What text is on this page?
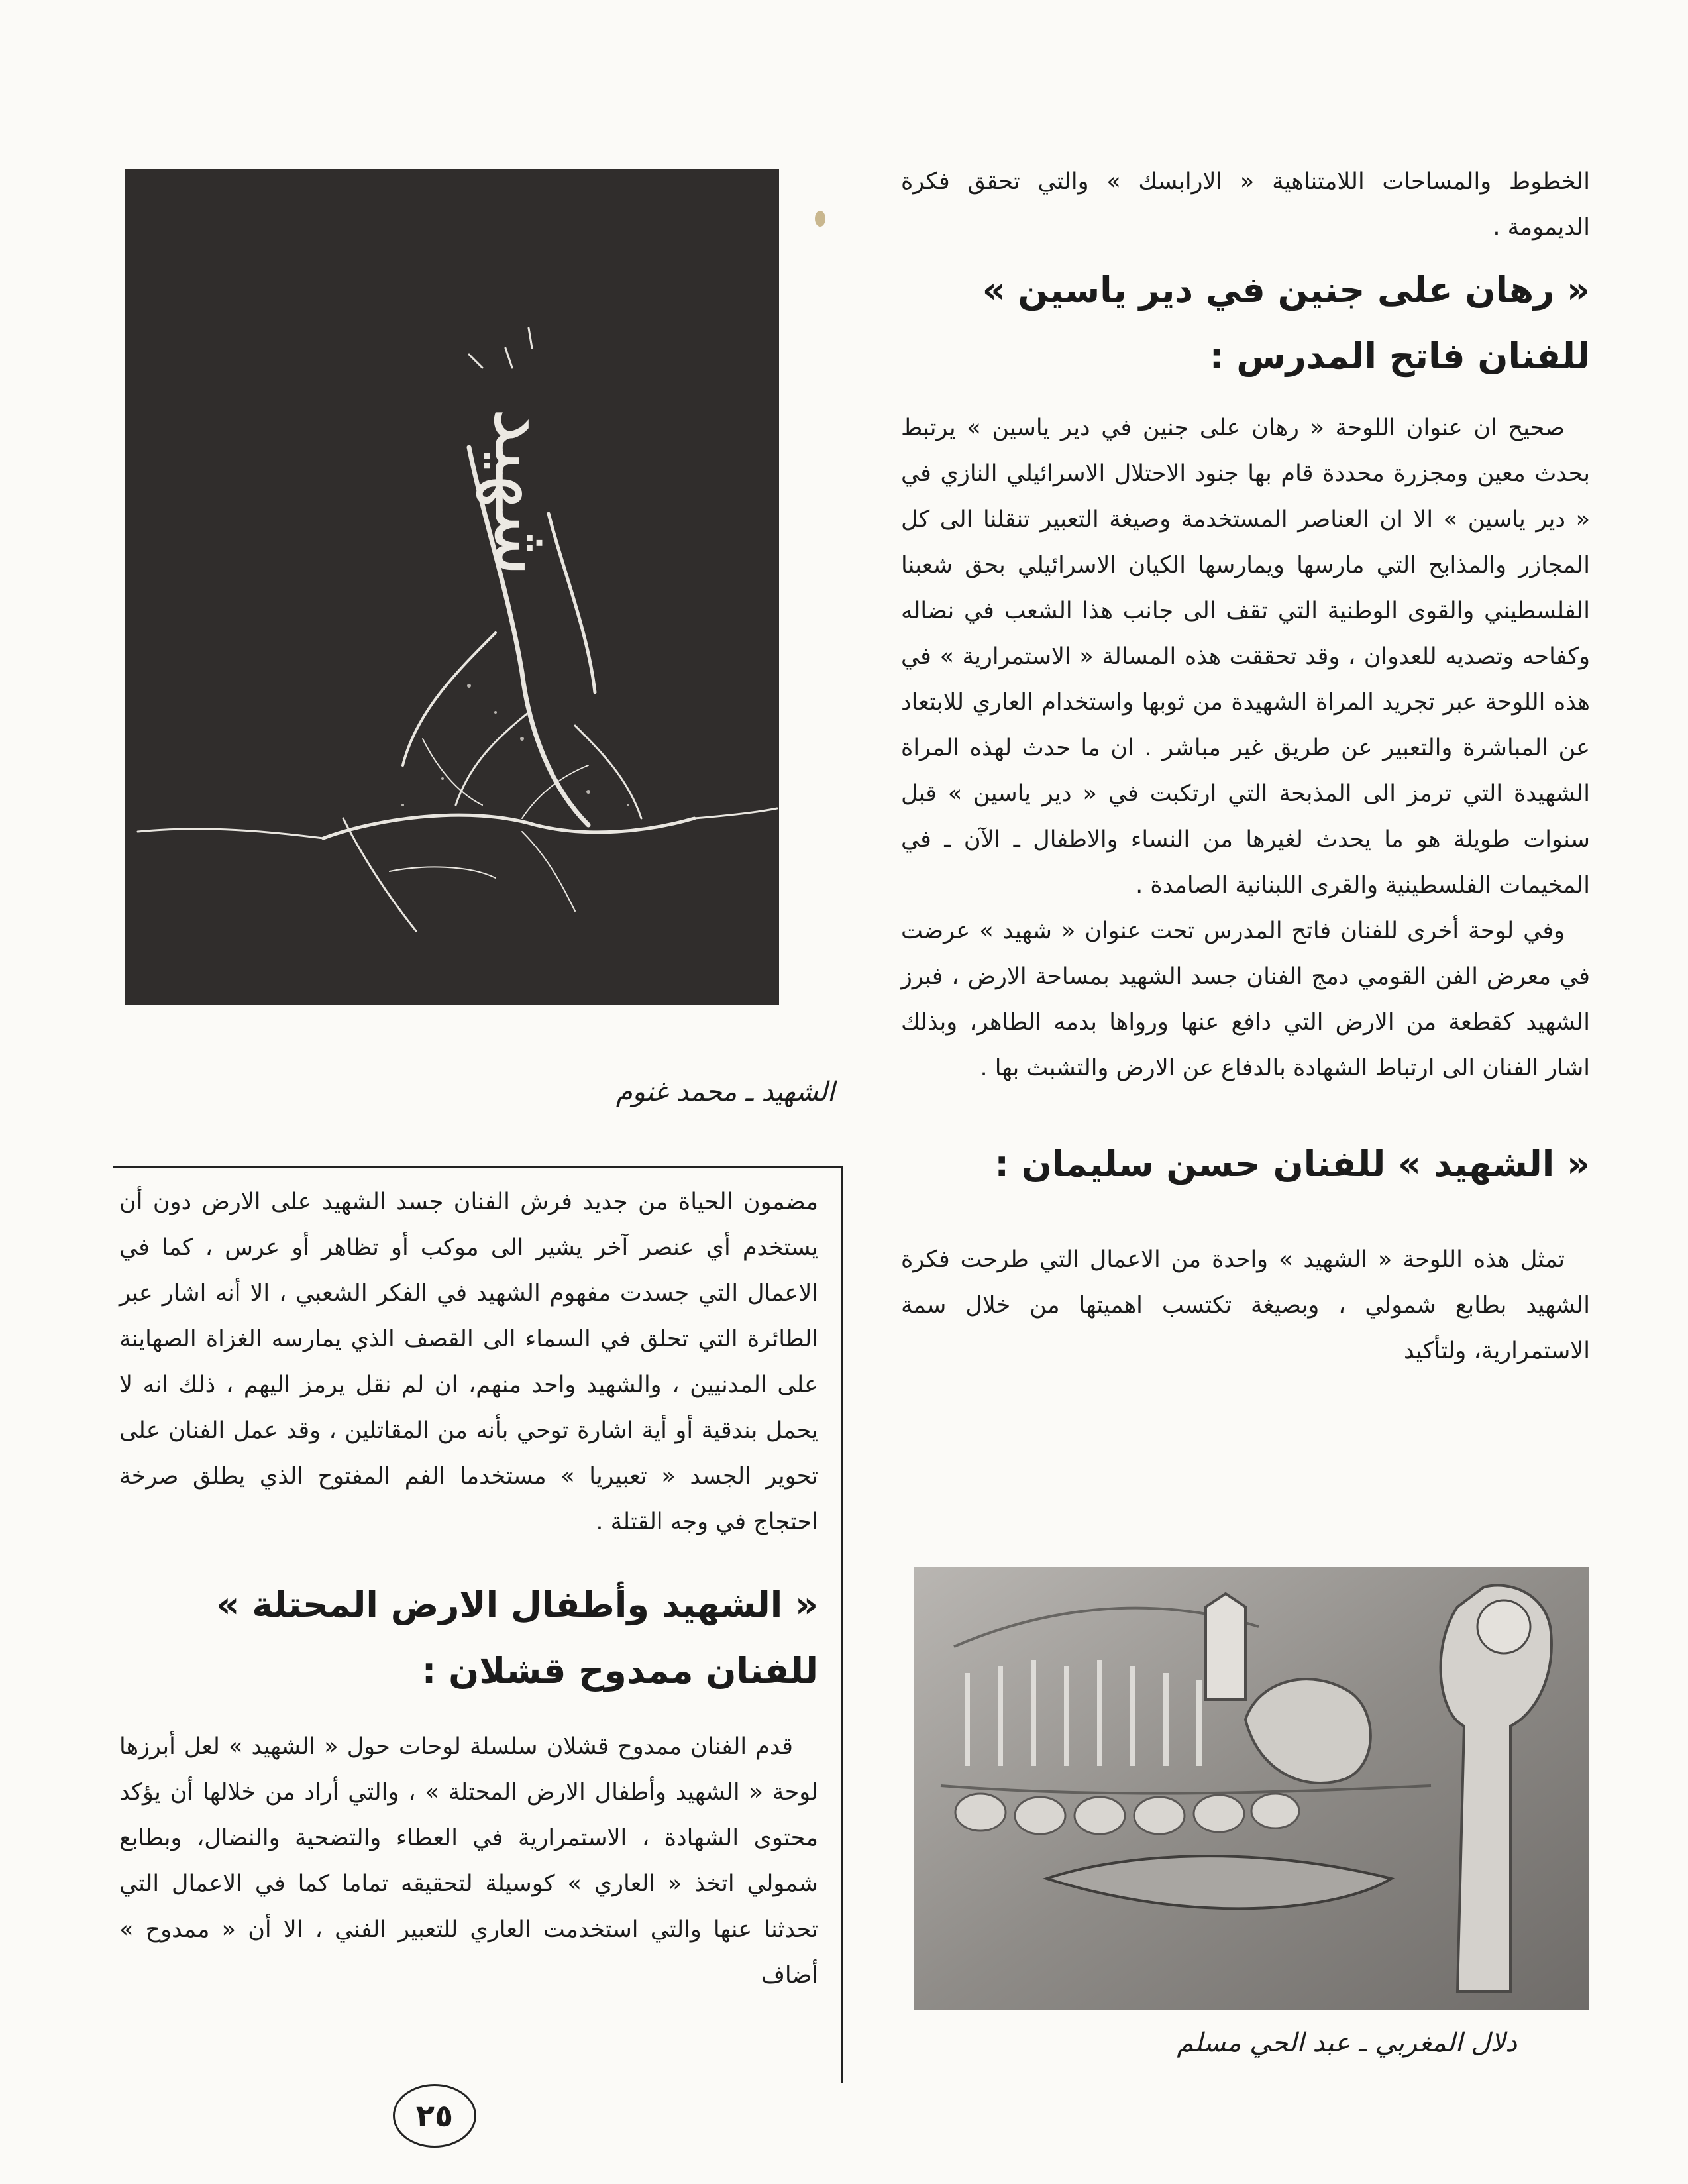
شهيد
الشهيد ـ محمد غنوم

الخطوط والمساحات اللامتناهية « الارابسك » والتي تحقق فكرة الديمومة .

« رهان على جنين في دير ياسين » للفنان فاتح المدرس :

صحيح ان عنوان اللوحة « رهان على جنين في دير ياسين » يرتبط بحدث معين ومجزرة محددة قام بها جنود الاحتلال الاسرائيلي النازي في « دير ياسين » الا ان العناصر المستخدمة وصيغة التعبير تنقلنا الى كل المجازر والمذابح التي مارسها ويمارسها الكيان الاسرائيلي بحق شعبنا الفلسطيني والقوى الوطنية التي تقف الى جانب هذا الشعب في نضاله وكفاحه وتصديه للعدوان ، وقد تحققت هذه المسالة « الاستمرارية » في هذه اللوحة عبر تجريد المراة الشهيدة من ثوبها واستخدام العاري للابتعاد عن المباشرة والتعبير عن طريق غير مباشر . ان ما حدث لهذه المراة الشهيدة التي ترمز الى المذبحة التي ارتكبت في « دير ياسين » قبل سنوات طويلة هو ما يحدث لغيرها من النساء والاطفال ـ الآن ـ في المخيمات الفلسطينية والقرى اللبنانية الصامدة .

وفي لوحة أخرى للفنان فاتح المدرس تحت عنوان « شهيد » عرضت في معرض الفن القومي دمج الفنان جسد الشهيد بمساحة الارض ، فبرز الشهيد كقطعة من الارض التي دافع عنها ورواها بدمه الطاهر، وبذلك اشار الفنان الى ارتباط الشهادة بالدفاع عن الارض والتشبث بها .

« الشهيد » للفنان حسن سليمان :

تمثل هذه اللوحة « الشهيد » واحدة من الاعمال التي طرحت فكرة الشهيد بطابع شمولي ، وبصيغة تكتسب اهميتها من خلال سمة الاستمرارية، ولتأكيد

دلال المغربي ـ عبد الحي مسلم

مضمون الحياة من جديد فرش الفنان جسد الشهيد على الارض دون أن يستخدم أي عنصر آخر يشير الى موكب أو تظاهر أو عرس ، كما في الاعمال التي جسدت مفهوم الشهيد في الفكر الشعبي ، الا أنه اشار عبر الطائرة التي تحلق في السماء الى القصف الذي يمارسه الغزاة الصهاينة على المدنيين ، والشهيد واحد منهم، ان لم نقل يرمز اليهم ، ذلك انه لا يحمل بندقية أو أية اشارة توحي بأنه من المقاتلين ، وقد عمل الفنان على تحوير الجسد « تعبيريا » مستخدما الفم المفتوح الذي يطلق صرخة احتجاج في وجه القتلة .

« الشهيد وأطفال الارض المحتلة » للفنان ممدوح قشلان :

قدم الفنان ممدوح قشلان سلسلة لوحات حول « الشهيد » لعل أبرزها لوحة « الشهيد وأطفال الارض المحتلة » ، والتي أراد من خلالها أن يؤكد محتوى الشهادة ، الاستمرارية في العطاء والتضحية والنضال، وبطابع شمولي اتخذ « العاري » كوسيلة لتحقيقه تماما كما في الاعمال التي تحدثنا عنها والتي استخدمت العاري للتعبير الفني ، الا أن « ممدوح » أضاف

٢٥
